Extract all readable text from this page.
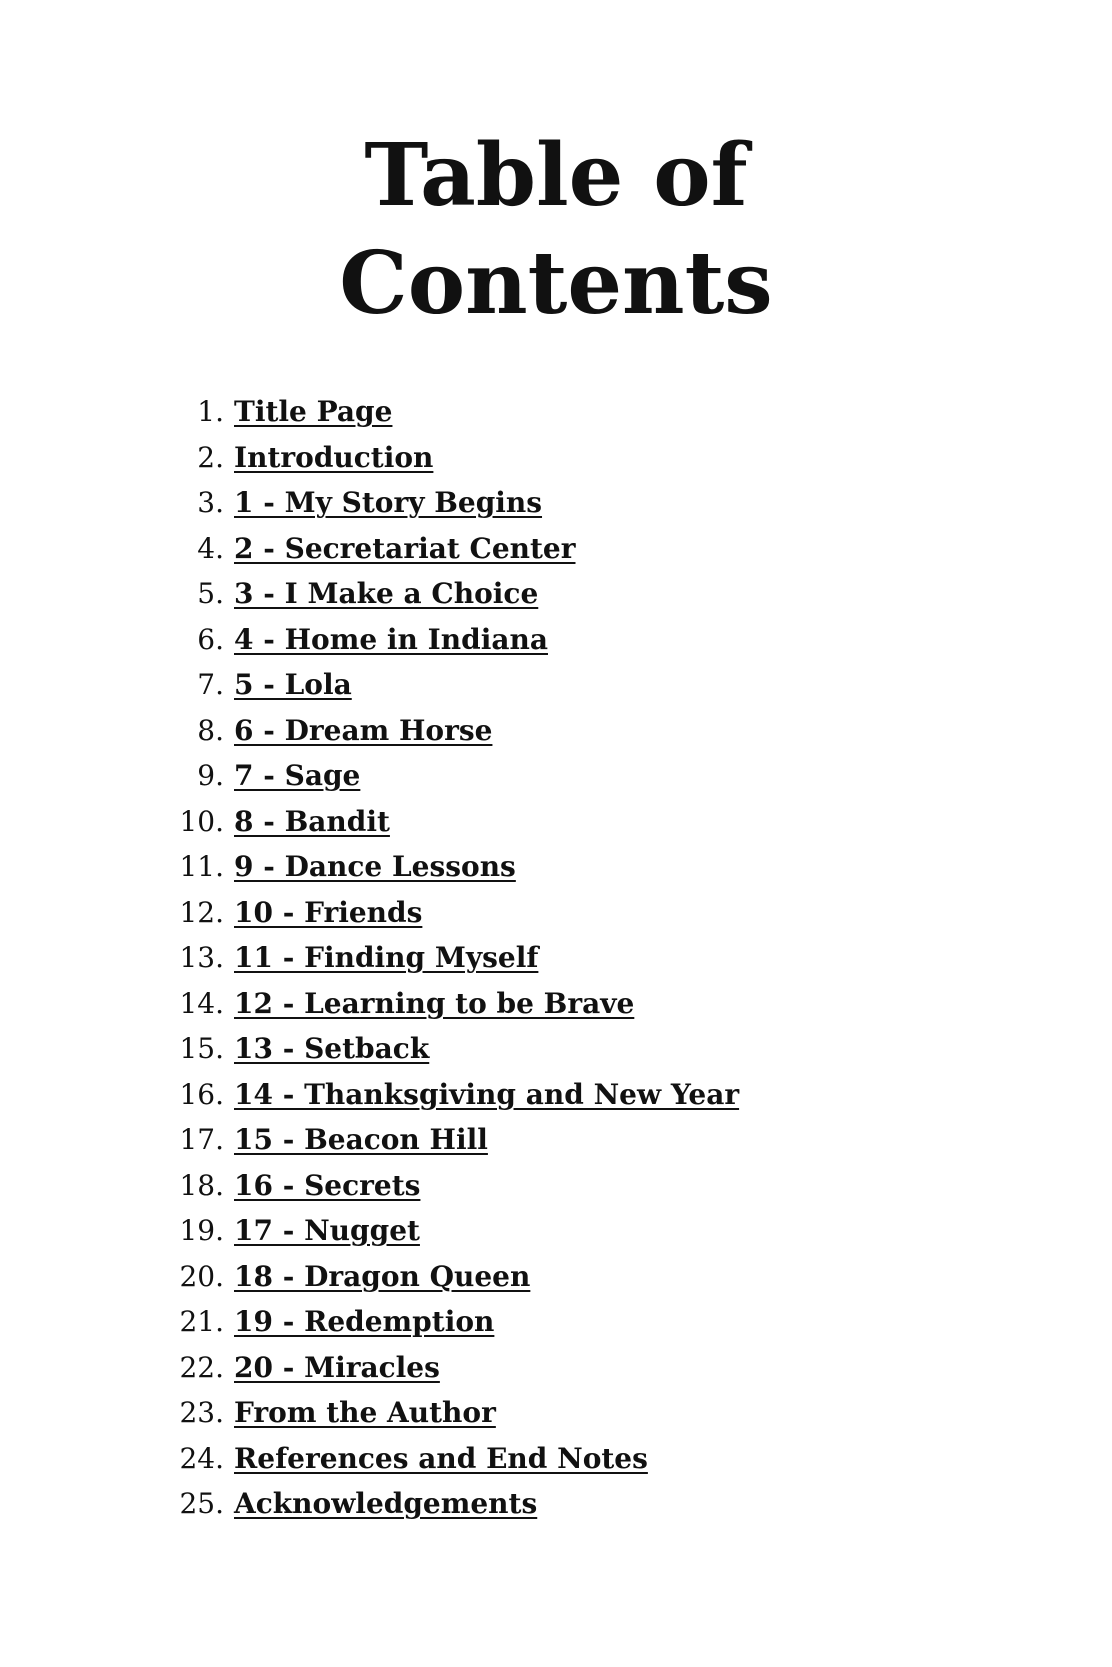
Table of
Contents
1. Title Page
2. Introduction
3. 1 - My Story Begins
4. 2 - Secretariat Center
5. 3 - I Make a Choice
6. 4 - Home in Indiana
7. 5 - Lola
8. 6 - Dream Horse
9. 7 - Sage
10. 8 - Bandit
11. 9 - Dance Lessons
12. 10 - Friends
13. 11 - Finding Myself
14. 12 - Learning to be Brave
15. 13 - Setback
16. 14 - Thanksgiving and New Year
17. 15 - Beacon Hill
18. 16 - Secrets
19. 17 - Nugget
20. 18 - Dragon Queen
21. 19 - Redemption
22. 20 - Miracles
23. From the Author
24. References and End Notes
25. Acknowledgements
